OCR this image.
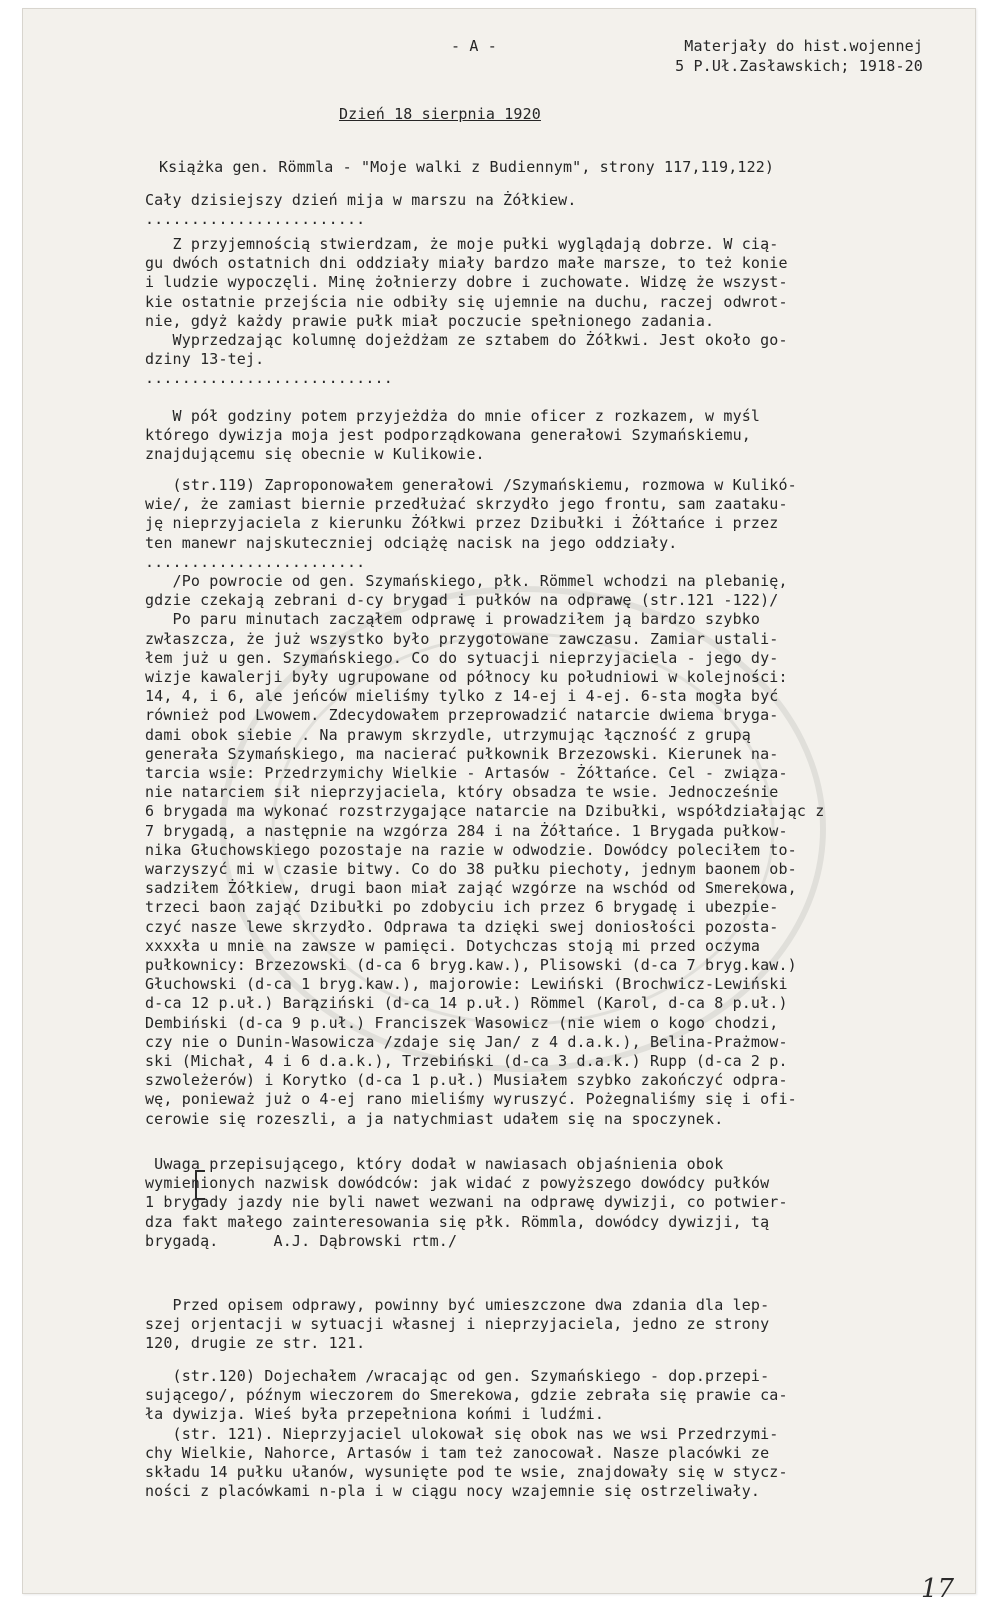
- A -	Materjały do hist.wojennej
5 P.Uł.Zasławskich; 1918-20
Dzień 18 sierpnia 1920
Książka gen. Römmla - "Moje walki z Budiennym", strony 117,119,122)
Cały dzisiejszy dzień mija w marszu na Żółkiew.
........................
Z przyjemnością stwierdzam, że moje pułki wyglądają dobrze. W cią-
gu dwóch ostatnich dni oddziały miały bardzo małe marsze, to też konie
i ludzie wypoczęli. Minę żołnierzy dobre i zuchowate. Widzę że wszyst-
kie ostatnie przejścia nie odbiły się ujemnie na duchu, raczej odwrot-
nie, gdyż każdy prawie pułk miał poczucie spełnionego zadania.
Wyprzedzając kolumnę dojeżdżam ze sztabem do Żółkwi. Jest około go-
dziny 13-tej.
...........................
W pół godziny potem przyjeżdża do mnie oficer z rozkazem, w myśl
którego dywizja moja jest podporządkowana generałowi Szymańskiemu,
znajdującemu się obecnie w Kulikowie.
(str.119) Zaproponowałem generałowi /Szymańskiemu, rozmowa w Kulikó-
wie/, że zamiast biernie przedłużać skrzydło jego frontu, sam zaataku-
ję nieprzyjaciela z kierunku Żółkwi przez Dzibułki i Żółtańce i przez
ten manewr najskuteczniej odciążę nacisk na jego oddziały.
........................
/Po powrocie od gen. Szymańskiego, płk. Römmel wchodzi na plebanię,
gdzie czekają zebrani d-cy brygad i pułków na odprawę (str.121 -122)/
Po paru minutach zacząłem odprawę i prowadziłem ją bardzo szybko
zwłaszcza, że już wszystko było przygotowane zawczasu. Zamiar ustali-
łem już u gen. Szymańskiego. Co do sytuacji nieprzyjaciela - jego dy-
wizje kawalerji były ugrupowane od północy ku południowi w kolejności:
14, 4, i 6, ale jeńców mieliśmy tylko z 14-ej i 4-ej. 6-sta mogła być
również pod Lwowem. Zdecydowałem przeprowadzić natarcie dwiema bryga-
dami obok siebie . Na prawym skrzydle, utrzymując łączność z grupą
generała Szymańskiego, ma nacierać pułkownik Brzezowski. Kierunek na-
tarcia wsie: Przedrzymichy Wielkie - Artasów - Żółtańce. Cel - związa-
nie natarciem sił nieprzyjaciela, który obsadza te wsie. Jednocześnie
6 brygada ma wykonać rozstrzygające natarcie na Dzibułki, współdziałając z
7 brygadą, a następnie na wzgórza 284 i na Żółtańce. 1 Brygada pułkow-
nika Głuchowskiego pozostaje na razie w odwodzie. Dowódcy poleciłem to-
warzyszyć mi w czasie bitwy. Co do 38 pułku piechoty, jednym baonem ob-
sadziłem Żółkiew, drugi baon miał zająć wzgórze na wschód od Smerekowa,
trzeci baon zająć Dzibułki po zdobyciu ich przez 6 brygadę i ubezpie-
czyć nasze lewe skrzydło. Odprawa ta dzięki swej doniosłości pozosta-
xxxxła u mnie na zawsze w pamięci. Dotychczas stoją mi przed oczyma
pułkownicy: Brzezowski (d-ca 6 bryg.kaw.), Plisowski (d-ca 7 bryg.kaw.)
Głuchowski (d-ca 1 bryg.kaw.), majorowie: Lewiński (Brochwicz-Lewiński
d-ca 12 p.uł.) Barąziński (d-ca 14 p.uł.) Römmel (Karol, d-ca 8 p.uł.)
Dembiński (d-ca 9 p.uł.) Franciszek Wasowicz (nie wiem o kogo chodzi,
czy nie o Dunin-Wasowicza /zdaje się Jan/ z 4 d.a.k.), Belina-Prażmow-
ski (Michał, 4 i 6 d.a.k.), Trzebiński (d-ca 3 d.a.k.) Rupp (d-ca 2 p.
szwoleżerów) i Korytko (d-ca 1 p.uł.) Musiałem szybko zakończyć odpra-
wę, ponieważ już o 4-ej rano mieliśmy wyruszyć. Pożegnaliśmy się i ofi-
cerowie się rozeszli, a ja natychmiast udałem się na spoczynek.
Uwaga przepisującego, który dodał w nawiasach objaśnienia obok
wymienionych nazwisk dowódców: jak widać z powyższego dowódcy pułków
1 brygady jazdy nie byli nawet wezwani na odprawę dywizji, co potwier-
dza fakt małego zainteresowania się płk. Römmla, dowódcy dywizji, tą
brygadą.      A.J. Dąbrowski rtm./
Przed opisem odprawy, powinny być umieszczone dwa zdania dla lep-
szej orjentacji w sytuacji własnej i nieprzyjaciela, jedno ze strony
120, drugie ze str. 121.
(str.120) Dojechałem /wracając od gen. Szymańskiego - dop.przepi-
sującego/, późnym wieczorem do Smerekowa, gdzie zebrała się prawie ca-
ła dywizja. Wieś była przepełniona końmi i ludźmi.
(str. 121). Nieprzyjaciel ulokował się obok nas we wsi Przedrzymi-
chy Wielkie, Nahorce, Artasów i tam też zanocował. Nasze placówki ze
składu 14 pułku ułanów, wysunięte pod te wsie, znajdowały się w stycz-
ności z placówkami n-pla i w ciągu nocy wzajemnie się ostrzeliwały.
17
